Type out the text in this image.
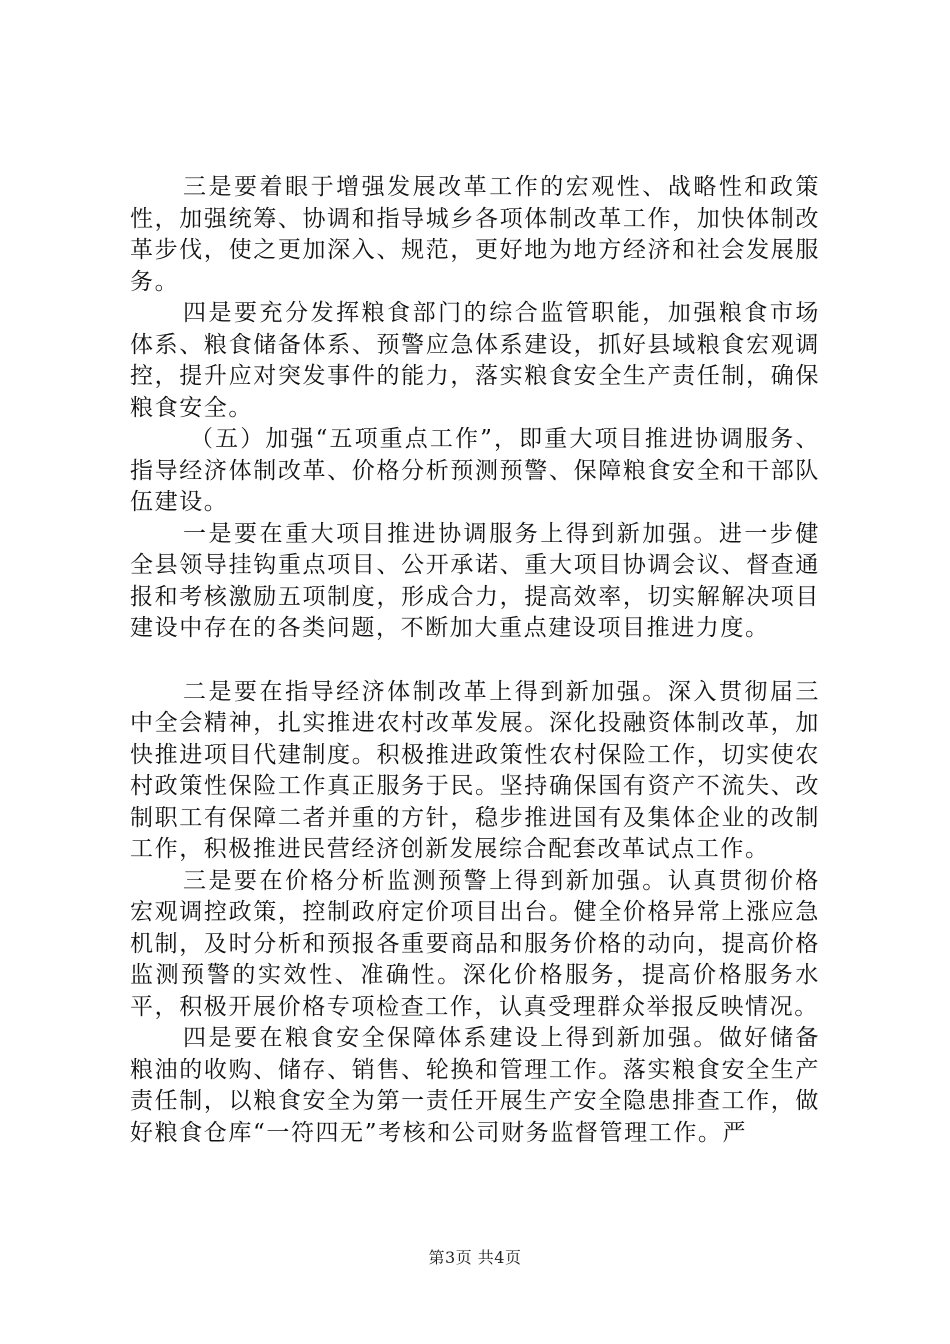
三是要着眼于增强发展改革工作的宏观性、战略性和政策性，加强统筹、协调和指导城乡各项体制改革工作，加快体制改革步伐，使之更加深入、规范，更好地为地方经济和社会发展服务。

四是要充分发挥粮食部门的综合监管职能，加强粮食市场体系、粮食储备体系、预警应急体系建设，抓好县域粮食宏观调控，提升应对突发事件的能力，落实粮食安全生产责任制，确保粮食安全。

（五）加强“五项重点工作”，即重大项目推进协调服务、指导经济体制改革、价格分析预测预警、保障粮食安全和干部队伍建设。

一是要在重大项目推进协调服务上得到新加强。进一步健全县领导挂钩重点项目、公开承诺、重大项目协调会议、督查通报和考核激励五项制度，形成合力，提高效率，切实解解决项目建设中存在的各类问题，不断加大重点建设项目推进力度。

二是要在指导经济体制改革上得到新加强。深入贯彻届三中全会精神，扎实推进农村改革发展。深化投融资体制改革，加快推进项目代建制度。积极推进政策性农村保险工作，切实使农村政策性保险工作真正服务于民。坚持确保国有资产不流失、改制职工有保障二者并重的方针，稳步推进国有及集体企业的改制工作，积极推进民营经济创新发展综合配套改革试点工作。

三是要在价格分析监测预警上得到新加强。认真贯彻价格宏观调控政策，控制政府定价项目出台。健全价格异常上涨应急机制，及时分析和预报各重要商品和服务价格的动向，提高价格监测预警的实效性、准确性。深化价格服务，提高价格服务水平，积极开展价格专项检查工作，认真受理群众举报反映情况。

四是要在粮食安全保障体系建设上得到新加强。做好储备粮油的收购、储存、销售、轮换和管理工作。落实粮食安全生产责任制，以粮食安全为第一责任开展生产安全隐患排查工作，做好粮食仓库“一符四无”考核和公司财务监督管理工作。严

第3页 共4页
